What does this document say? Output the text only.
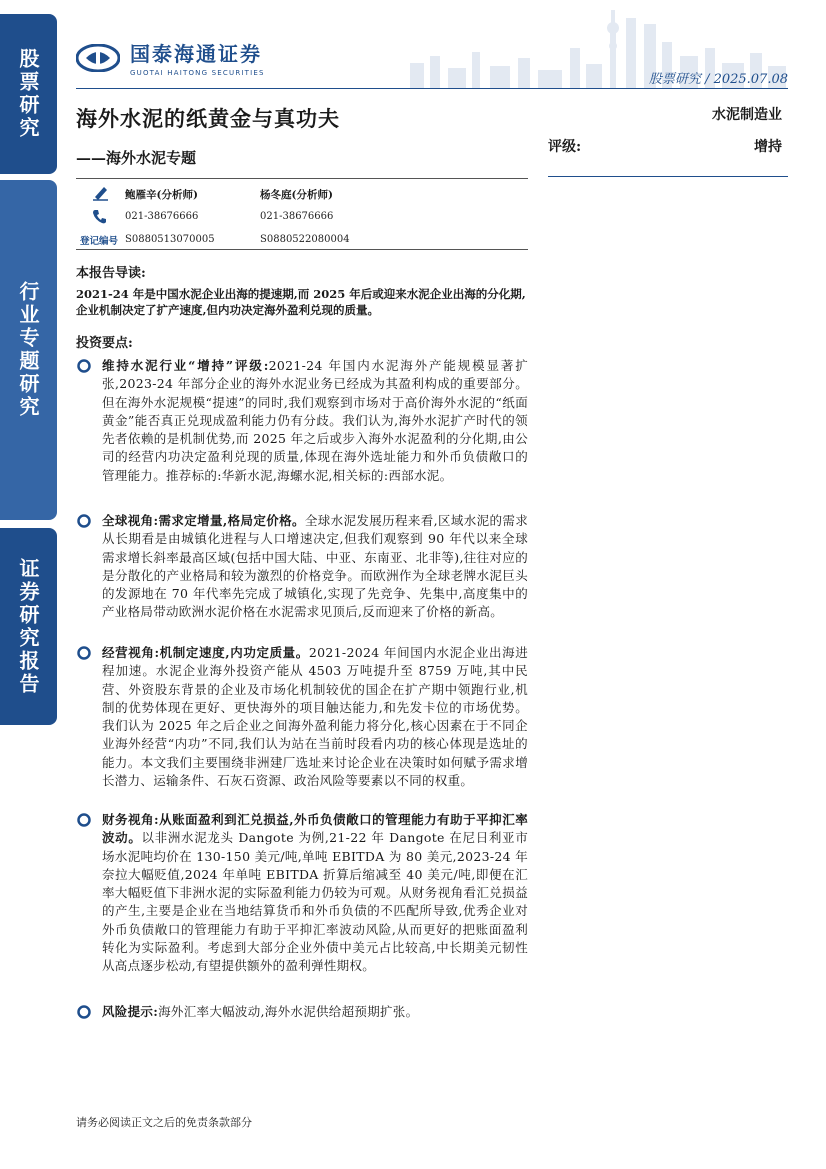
股票研究
行业专题研究
证券研究报告
国泰海通证券
GUOTAI HAITONG SECURITIES	股票研究 / 2025.07.08
海外水泥的纸黄金与真功夫
——海外水泥专题
水泥制造业
评级:	增持
登记编号
鲍雁辛(分析师)
021-38676666
S0880513070005
杨冬庭(分析师)
021-38676666
S0880522080004
本报告导读:
2021-24 年是中国水泥企业出海的提速期,而 2025 年后或迎来水泥企业出海的分化期,企业机制决定了扩产速度,但内功决定海外盈利兑现的质量。
投资要点:
维持水泥行业“增持”评级:2021-24 年国内水泥海外产能规模显著扩张,2023-24 年部分企业的海外水泥业务已经成为其盈利构成的重要部分。但在海外水泥规模“提速”的同时,我们观察到市场对于高价海外水泥的“纸面黄金”能否真正兑现成盈利能力仍有分歧。我们认为,海外水泥扩产时代的领先者依赖的是机制优势,而 2025 年之后或步入海外水泥盈利的分化期,由公司的经营内功决定盈利兑现的质量,体现在海外选址能力和外币负债敞口的管理能力。推荐标的:华新水泥,海螺水泥,相关标的:西部水泥。
全球视角:需求定增量,格局定价格。全球水泥发展历程来看,区域水泥的需求从长期看是由城镇化进程与人口增速决定,但我们观察到 90 年代以来全球需求增长斜率最高区域(包括中国大陆、中亚、东南亚、北非等),往往对应的是分散化的产业格局和较为激烈的价格竞争。而欧洲作为全球老牌水泥巨头的发源地在 70 年代率先完成了城镇化,实现了先竞争、先集中,高度集中的产业格局带动欧洲水泥价格在水泥需求见顶后,反而迎来了价格的新高。
经营视角:机制定速度,内功定质量。2021-2024 年间国内水泥企业出海进程加速。水泥企业海外投资产能从 4503 万吨提升至 8759 万吨,其中民营、外资股东背景的企业及市场化机制较优的国企在扩产期中领跑行业,机制的优势体现在更好、更快海外的项目触达能力,和先发卡位的市场优势。我们认为 2025 年之后企业之间海外盈利能力将分化,核心因素在于不同企业海外经营“内功”不同,我们认为站在当前时段看内功的核心体现是选址的能力。本文我们主要围绕非洲建厂选址来讨论企业在决策时如何赋予需求增长潜力、运输条件、石灰石资源、政治风险等要素以不同的权重。
财务视角:从账面盈利到汇兑损益,外币负债敞口的管理能力有助于平抑汇率波动。以非洲水泥龙头 Dangote 为例,21-22 年 Dangote 在尼日利亚市场水泥吨均价在 130-150 美元/吨,单吨 EBITDA 为 80 美元,2023-24 年奈拉大幅贬值,2024 年单吨 EBITDA 折算后缩减至 40 美元/吨,即便在汇率大幅贬值下非洲水泥的实际盈利能力仍较为可观。从财务视角看汇兑损益的产生,主要是企业在当地结算货币和外币负债的不匹配所导致,优秀企业对外币负债敞口的管理能力有助于平抑汇率波动风险,从而更好的把账面盈利转化为实际盈利。考虑到大部分企业外债中美元占比较高,中长期美元韧性从高点逐步松动,有望提供额外的盈利弹性期权。
风险提示:海外汇率大幅波动,海外水泥供给超预期扩张。
请务必阅读正文之后的免责条款部分
